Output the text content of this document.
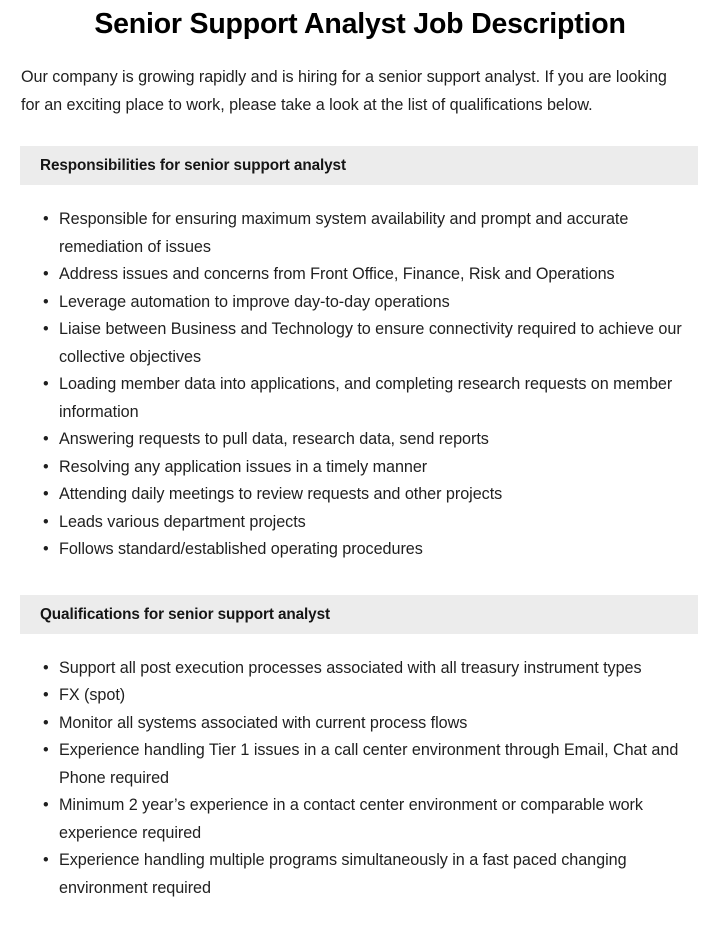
Senior Support Analyst Job Description

Our company is growing rapidly and is hiring for a senior support analyst. If you are looking for an exciting place to work, please take a look at the list of qualifications below.

Responsibilities for senior support analyst
• Responsible for ensuring maximum system availability and prompt and accurate remediation of issues
• Address issues and concerns from Front Office, Finance, Risk and Operations
• Leverage automation to improve day-to-day operations
• Liaise between Business and Technology to ensure connectivity required to achieve our collective objectives
• Loading member data into applications, and completing research requests on member information
• Answering requests to pull data, research data, send reports
• Resolving any application issues in a timely manner
• Attending daily meetings to review requests and other projects
• Leads various department projects
• Follows standard/established operating procedures
Qualifications for senior support analyst
• Support all post execution processes associated with all treasury instrument types
• FX (spot)
• Monitor all systems associated with current process flows
• Experience handling Tier 1 issues in a call center environment through Email, Chat and Phone required
• Minimum 2 year’s experience in a contact center environment or comparable work experience required
• Experience handling multiple programs simultaneously in a fast paced changing environment required
